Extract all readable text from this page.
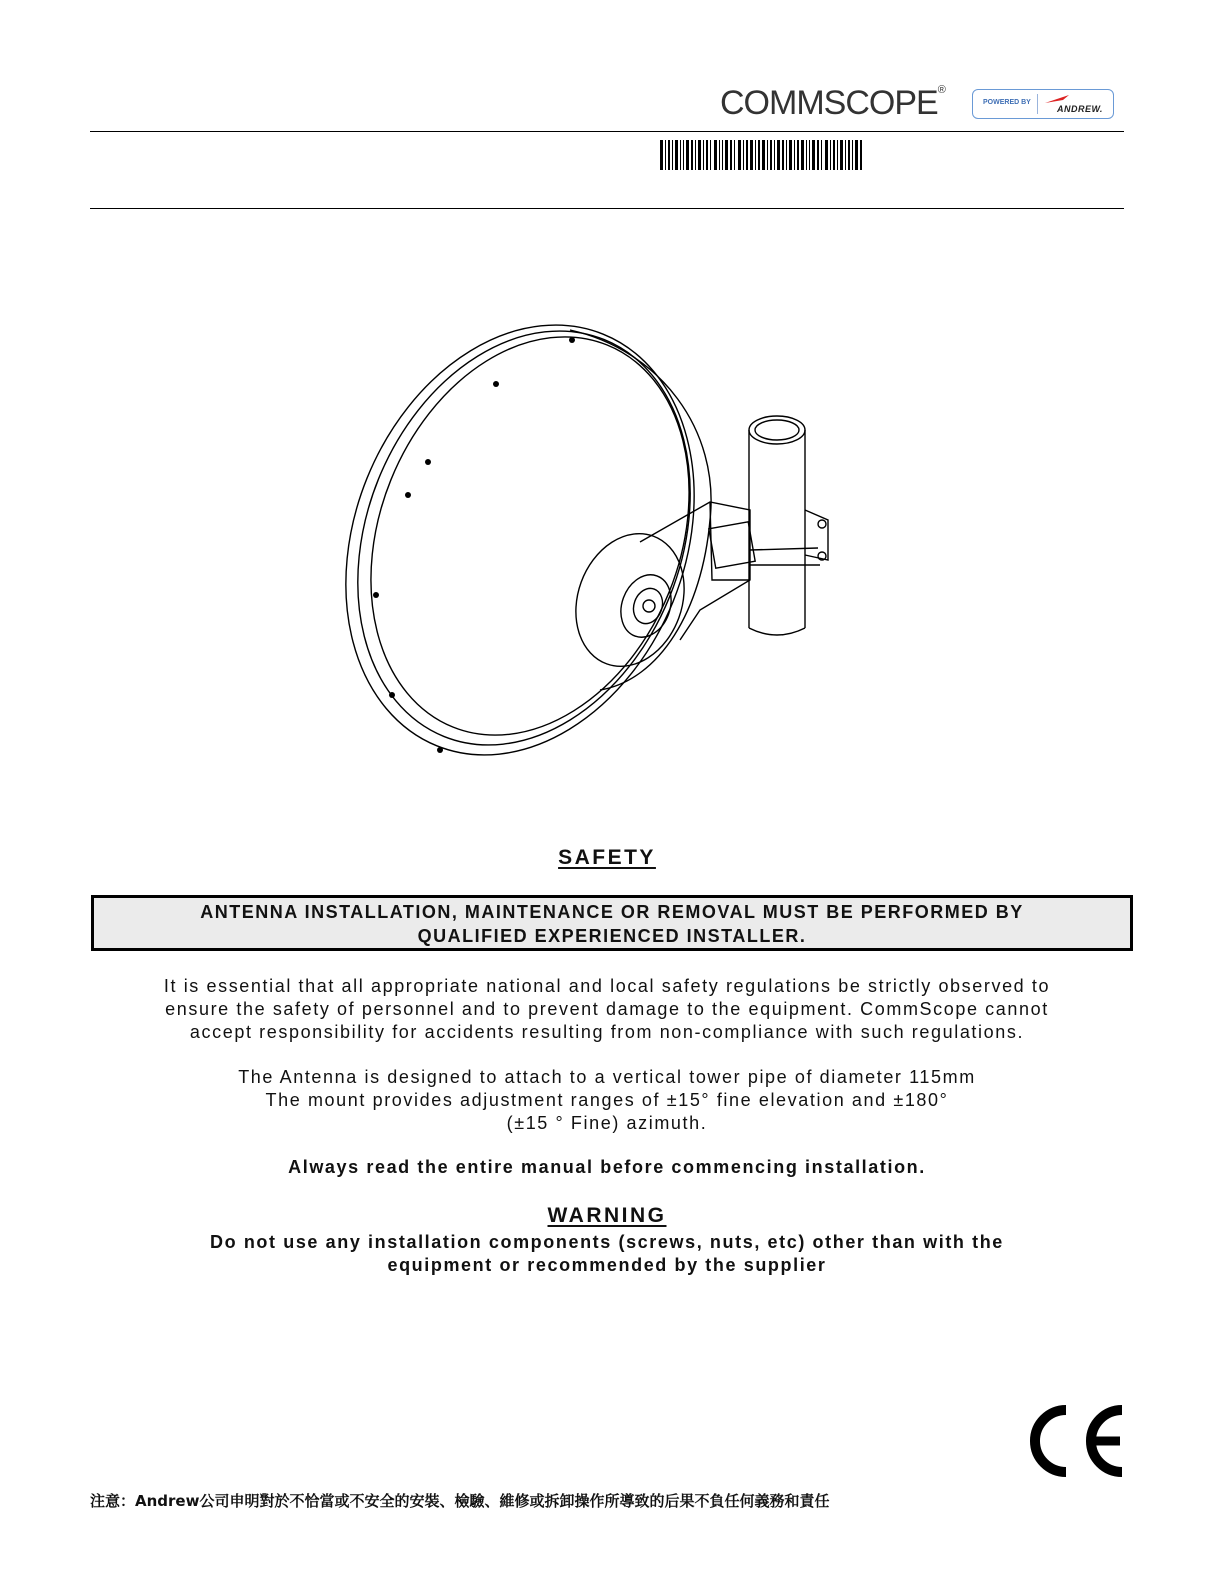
COMMSCOPE®
POWERED BY
ANDREW.
SAFETY
ANTENNA INSTALLATION, MAINTENANCE OR REMOVAL MUST BE PERFORMED BY
QUALIFIED EXPERIENCED INSTALLER.
It is essential that all appropriate national and local safety regulations be strictly observed to
ensure the safety of personnel and to prevent damage to the equipment. CommScope cannot
accept responsibility for accidents resulting from non-compliance with such regulations.
The Antenna is designed to attach to a vertical tower pipe of diameter 115mm
The mount provides adjustment ranges of ±15° fine elevation and ±180°
(±15 ° Fine) azimuth.
Always read the entire manual before commencing installation.
WARNING
Do not use any installation components (screws, nuts, etc) other than with the
equipment or recommended by the supplier
注意：Andrew公司申明對於不恰當或不安全的安裝、檢驗、維修或拆卸操作所導致的后果不負任何義務和責任
